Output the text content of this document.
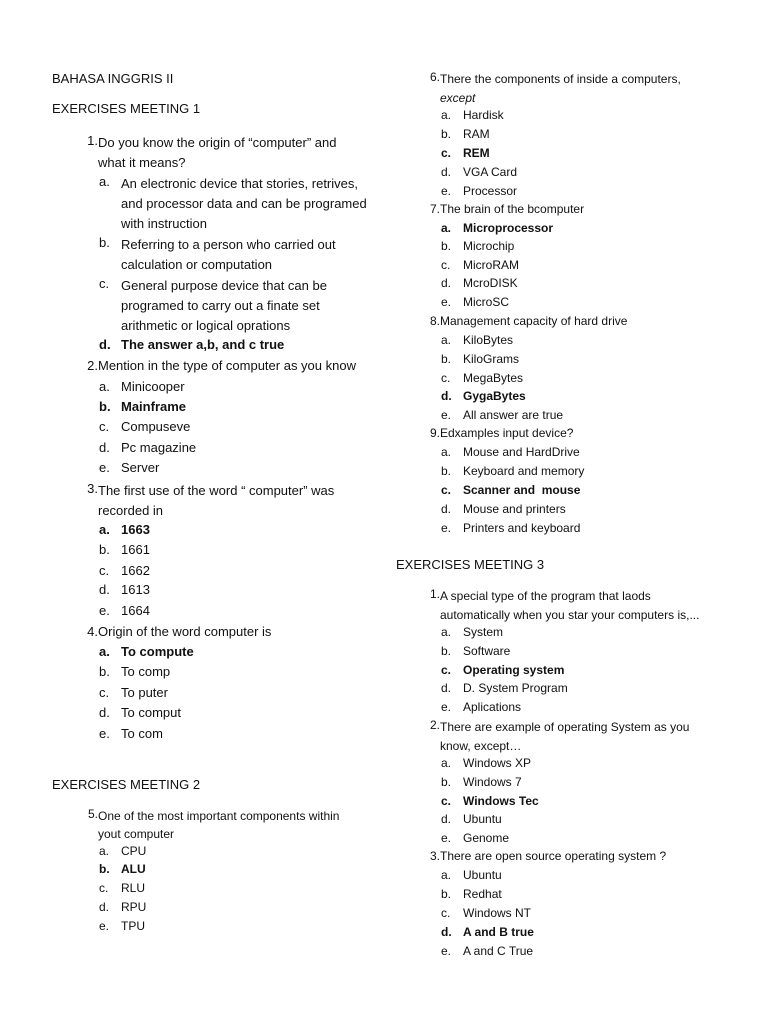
BAHASA INGGRIS II
EXERCISES MEETING 1
1. Do you know the origin of “computer” and
what it means?
a. An electronic device that stories, retrives,
and processor data and can be programed
with instruction
b. Referring to a person who carried out
calculation or computation
c. General purpose device that can be
programed to carry out a finate set
arithmetic or logical oprations
d. The answer a,b, and c true
2. Mention in the type of computer as you know
a. Minicooper
b. Mainframe
c. Compuseve
d. Pc magazine
e. Server
3. The first use of the word “ computer” was
recorded in
a. 1663
b. 1661
c. 1662
d. 1613
e. 1664
4. Origin of the word computer is
a. To compute
b. To comp
c. To puter
d. To comput
e. To com
EXERCISES MEETING 2
5. One of the most important components within
yout computer
a. CPU
b. ALU
c. RLU
d. RPU
e. TPU
6. There the components of inside a computers,
except
a. Hardisk
b. RAM
c. REM
d. VGA Card
e. Processor
7. The brain of the bcomputer
a. Microprocessor
b. Microchip
c. MicroRAM
d. McroDISK
e. MicroSC
8. Management capacity of hard drive
a. KiloBytes
b. KiloGrams
c. MegaBytes
d. GygaBytes
e. All answer are true
9. Edxamples input device?
a. Mouse and HardDrive
b. Keyboard and memory
c. Scanner and  mouse
d. Mouse and printers
e. Printers and keyboard
EXERCISES MEETING 3
1. A special type of the program that laods
automatically when you star your computers is,...
a. System
b. Software
c. Operating system
d. D. System Program
e. Aplications
2. There are example of operating System as you
know, except…
a. Windows XP
b. Windows 7
c. Windows Tec
d. Ubuntu
e. Genome
3. There are open source operating system ?
a. Ubuntu
b. Redhat
c. Windows NT
d. A and B true
e. A and C True
